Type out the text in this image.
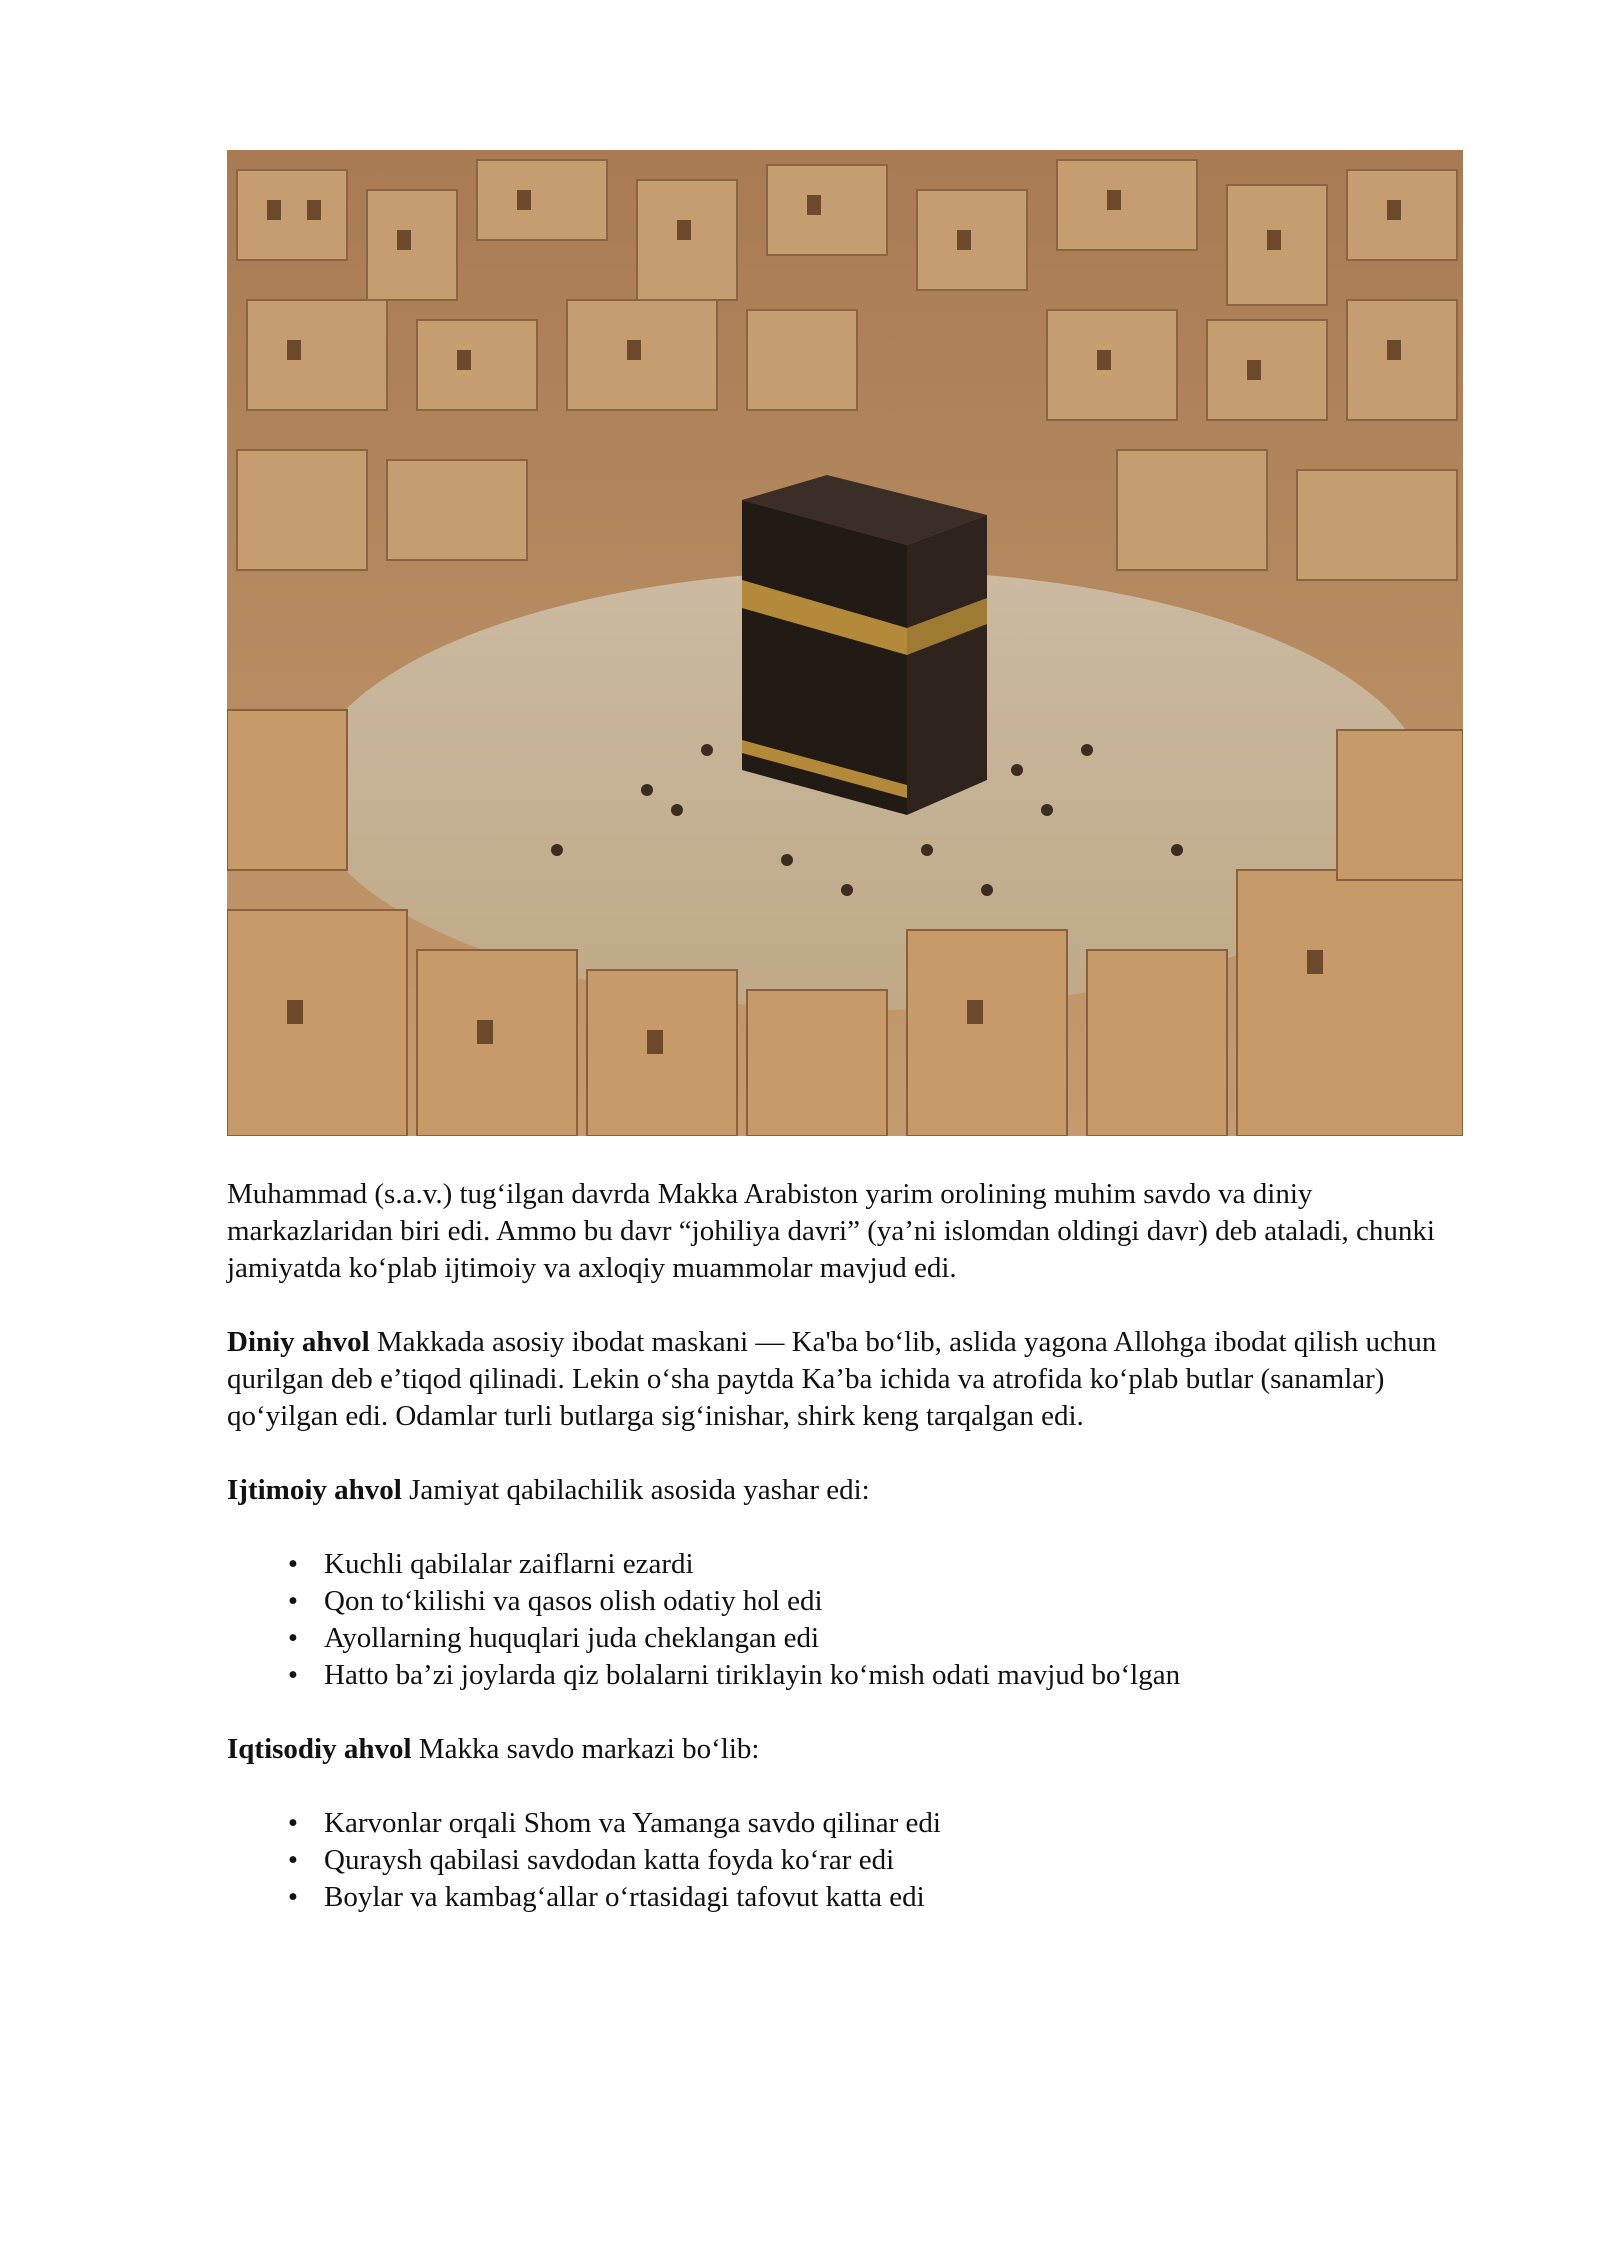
Muhammad (s.a.v.) tug‘ilgan davrda Makka Arabiston yarim orolining muhim savdo va diniy markazlaridan biri edi. Ammo bu davr “johiliya davri” (ya’ni islomdan oldingi davr) deb ataladi, chunki jamiyatda ko‘plab ijtimoiy va axloqiy muammolar mavjud edi.

Diniy ahvol Makkada asosiy ibodat maskani — Ka'ba bo‘lib, aslida yagona Allohga ibodat qilish uchun qurilgan deb e’tiqod qilinadi. Lekin o‘sha paytda Ka’ba ichida va atrofida ko‘plab butlar (sanamlar) qo‘yilgan edi. Odamlar turli butlarga sig‘inishar, shirk keng tarqalgan edi.

Ijtimoiy ahvol Jamiyat qabilachilik asosida yashar edi:

• Kuchli qabilalar zaiflarni ezardi
• Qon to‘kilishi va qasos olish odatiy hol edi
• Ayollarning huquqlari juda cheklangan edi
• Hatto ba’zi joylarda qiz bolalarni tiriklayin ko‘mish odati mavjud bo‘lgan

Iqtisodiy ahvol Makka savdo markazi bo‘lib:

• Karvonlar orqali Shom va Yamanga savdo qilinar edi
• Quraysh qabilasi savdodan katta foyda ko‘rar edi
• Boylar va kambag‘allar o‘rtasidagi tafovut katta edi
